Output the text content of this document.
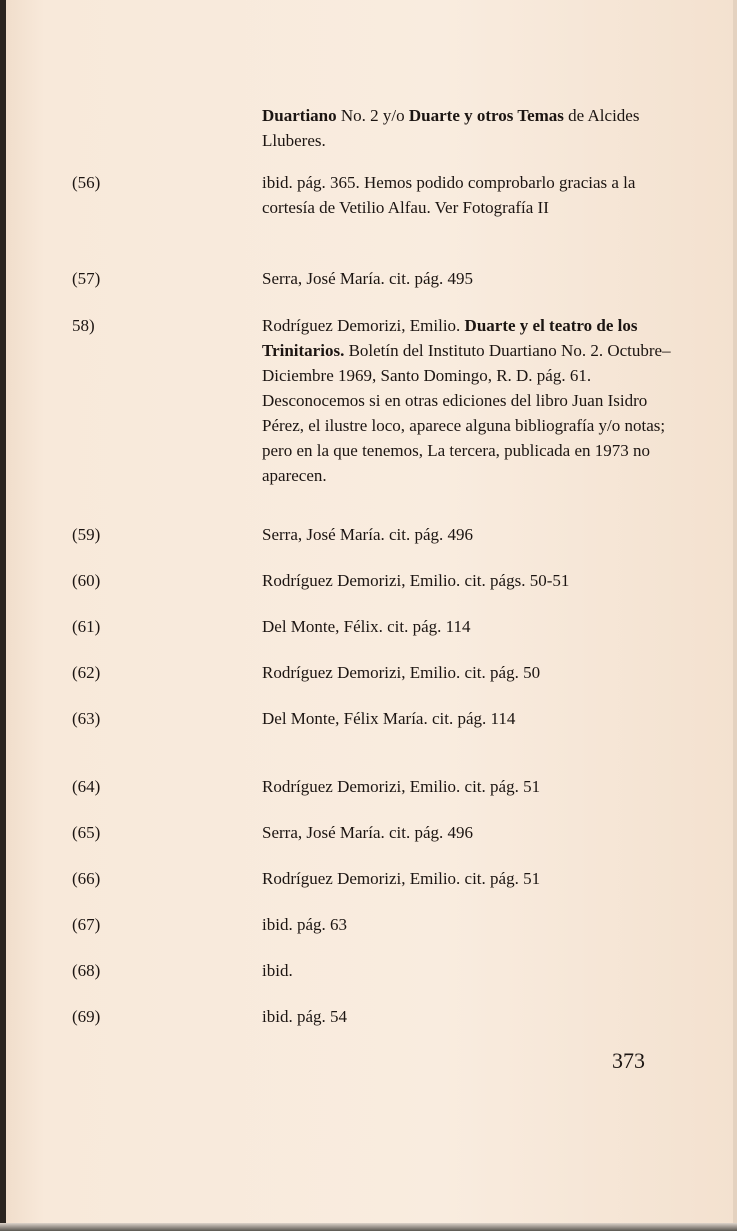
Duartiano No. 2 y/o Duarte y otros Temas de Alcides Lluberes.

(56)	ibid. pág. 365. Hemos podido comprobarlo gracias a la cortesía de Vetilio Alfau. Ver Fotografía II

(57)	Serra, José María. cit. pág. 495

58)	Rodríguez Demorizi, Emilio. Duarte y el teatro de los Trinitarios. Boletín del Instituto Duartiano No. 2. Octubre–Diciembre 1969, Santo Domingo, R. D. pág. 61. Desconocemos si en otras ediciones del libro Juan Isidro Pérez, el ilustre loco, aparece alguna bibliografía y/o notas; pero en la que tenemos, La tercera, publicada en 1973 no aparecen.

(59)	Serra, José María. cit. pág. 496

(60)	Rodríguez Demorizi, Emilio. cit. págs. 50-51

(61)	Del Monte, Félix. cit. pág. 114

(62)	Rodríguez Demorizi, Emilio. cit. pág. 50

(63)	Del Monte, Félix María. cit. pág. 114

(64)	Rodríguez Demorizi, Emilio. cit. pág. 51

(65)	Serra, José María. cit. pág. 496

(66)	Rodríguez Demorizi, Emilio. cit. pág. 51

(67)	ibid. pág. 63

(68)	ibid.

(69)	ibid. pág. 54

373
